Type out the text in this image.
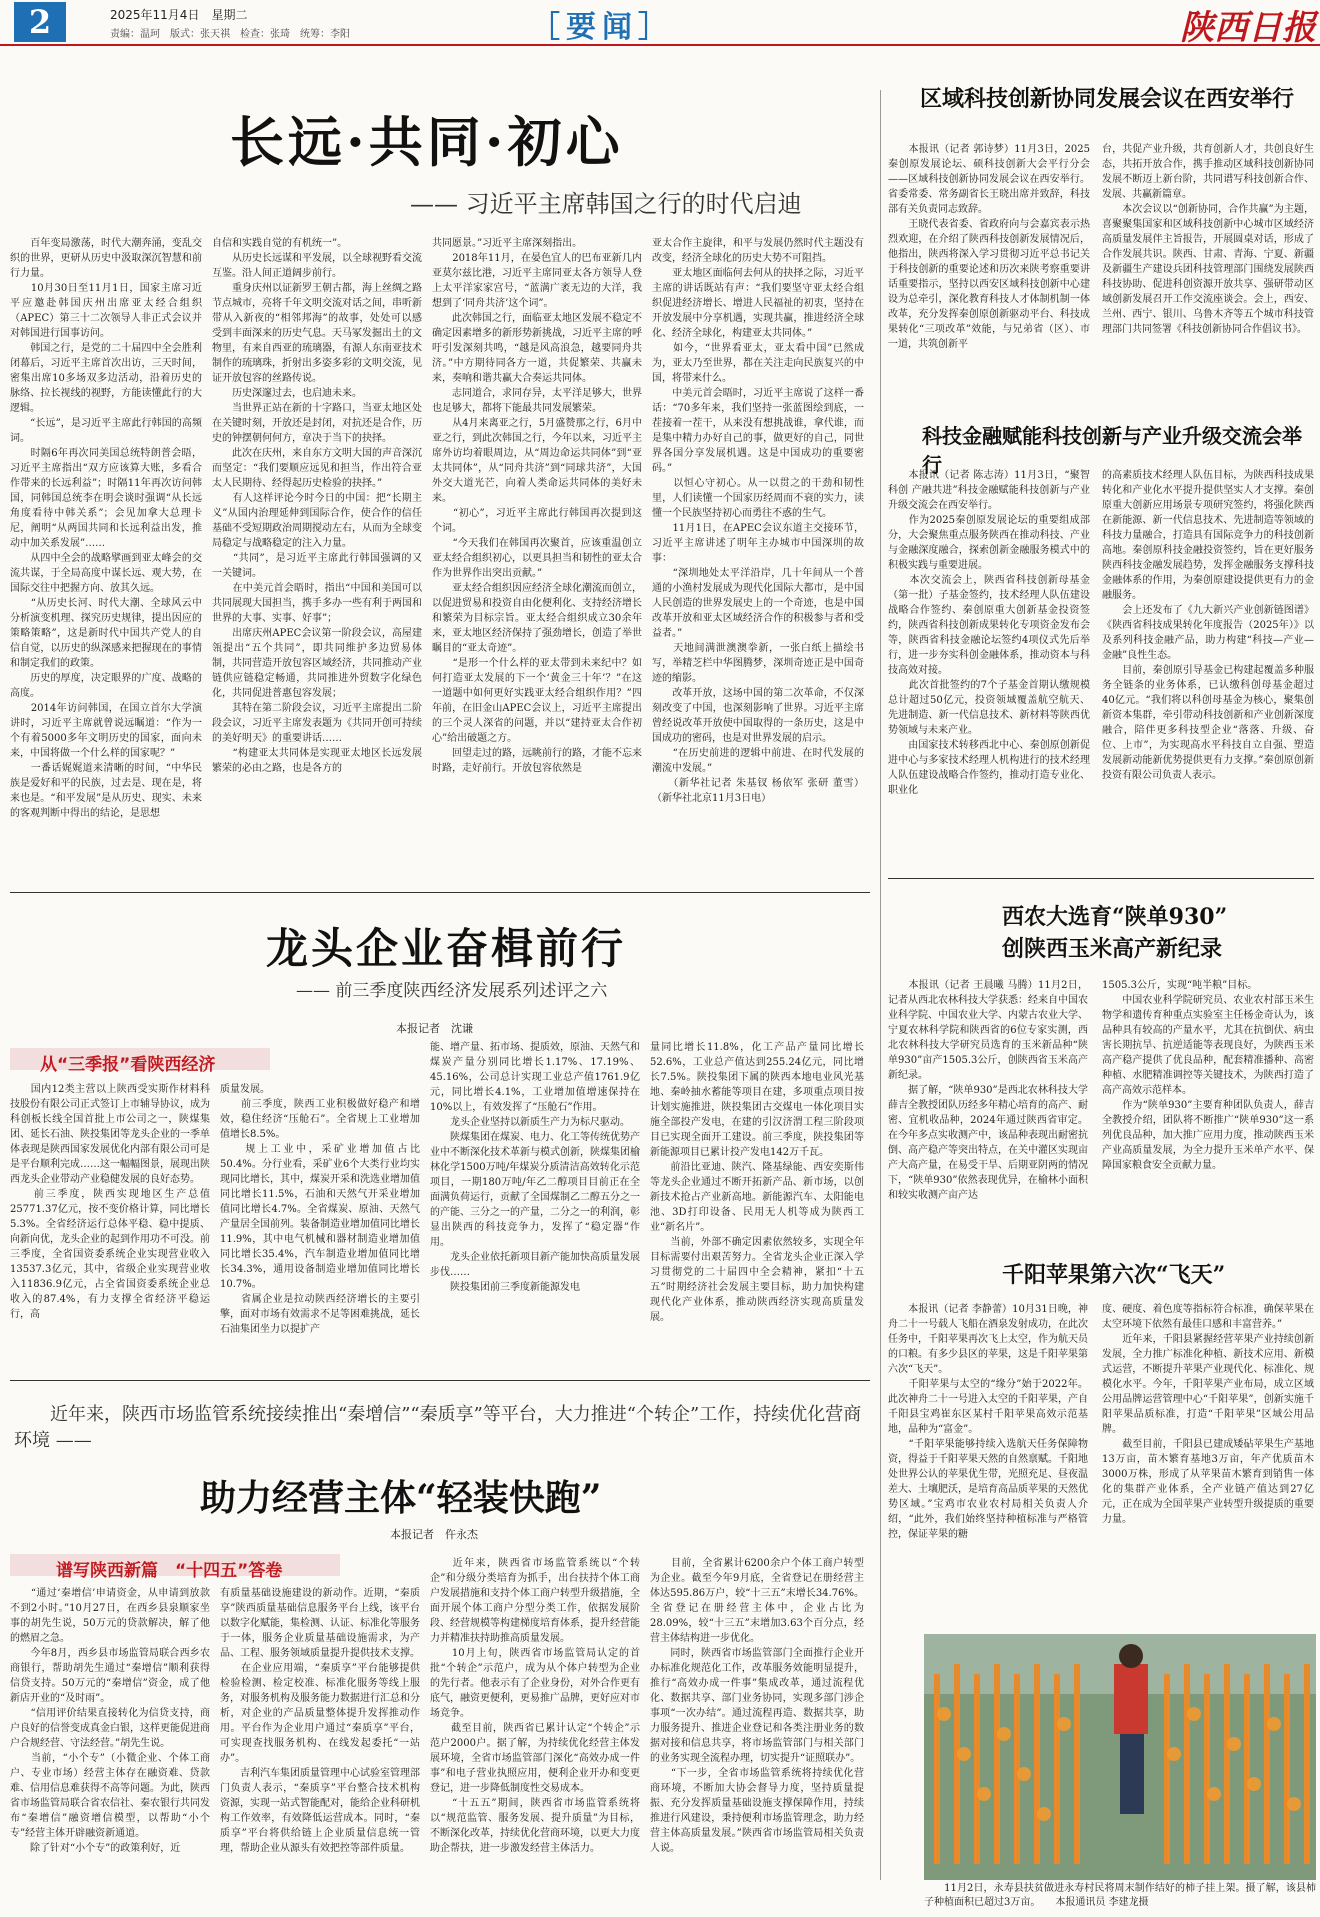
2	2025年11月4日　星期二
责编：温珂　版式：张天祺　检查：张琦　统筹：李阳	［要闻］	陕西日报
长远·共同·初心
—— 习近平主席韩国之行的时代启迪
　　百年变局激荡，时代大潮奔涌，变乱交织的世界，更研从历史中汲取深沉智慧和前行力量。
　　10月30日至11月1日，国家主席习近平应邀赴韩国庆州出席亚太经合组织（APEC）第三十二次领导人非正式会议并对韩国进行国事访问。
　　韩国之行，是党的二十届四中全会胜利闭幕后，习近平主席首次出访，三天时间，密集出席10多场双多边活动，沿着历史的脉络、拉长视线的视野，方能读懂此行的大逻辑。
　　“长远”，是习近平主席此行韩国的高频词。
　　时隔6年再次同美国总统特朗普会晤，习近平主席指出“双方应该算大账，多看合作带来的长远利益”；时隔11年再次访问韩国，同韩国总统李在明会谈时强调“从长远角度看待中韩关系”；会见加拿大总理卡尼，阐明“从两国共同和长远利益出发，推动中加关系发展”……
　　从四中全会的战略擘画到亚太峰会的交流共谋，于全局高度中谋长远、观大势，在国际交往中把握方向、放其久远。
　　“从历史长河、时代大潮、全球风云中分析演变机理、探究历史规律，提出因应的策略策略”，这是新时代中国共产党人的自信自觉，以历史的纵深感来把握现在的事情和制定我们的政策。
　　历史的厚度，决定眼界的广度、战略的高度。
　　2014年访问韩国，在国立首尔大学演讲时，习近平主席就曾说远瞩道：“作为一个有着5000多年文明历史的国家，面向未来，中国将做一个什么样的国家呢？”
　　一番话娓娓道来清晰的时间，“中华民族是爱好和平的民族，过去是、现在是，将来也是。“和平发展”是从历史、现实、未来的客观判断中得出的结论，是思想
自信和实践自觉的有机统一”。
　　从历史长远谋和平发展，以全球视野看交流互鉴。沿人间正道阔步前行。
　　重身庆州以证新罗王朝古都，海上丝绸之路节点城市，亮将千年文明交流对话之间，串听新带从入新夜的“相邻邦海”的故事，处处可以感受到丰面深来的历史气息。天马冢发掘出土的文物里，有来自西亚的琉璃器，有源人东南亚技术制作的琉璃珠，折射出多姿多彩的文明交流，见证开放包容的丝路传说。
　　历史深邃过去，也启迪未来。
　　当世界正站在新的十字路口，当亚太地区处在关键时刻，开放还是封闭，对抗还是合作，历史的钟摆朝何何方，章决于当下的抉择。
　　此次在庆州，来自东方文明大国的声音深沉而坚定：“我们要顺应远见和担当，作出符合亚太人民期待、经得起历史检验的抉择。”
　　有人这样评论今时今日的中国：把“长期主义”从国内治理延伸到国际合作，使合作的信任基础不受短期政治周期搅动左右，从而为全球变局稳定与战略稳定的注入力量。
　　“共同”，是习近平主席此行韩国强调的又一关键词。
　　在中美元首会晤时，指出“中国和美国可以共同展现大国担当，携手多办一些有利于两国和世界的大事、实事、好事”；
　　出席庆州APEC会议第一阶段会议，高屋建瓴提出“五个共同”，即共同维护多边贸易体制，共同营造开放包容区域经济，共同推动产业链供应链稳定畅通，共同推进外贸数字化绿色化，共同促进普惠包容发展；
　　其特在第二阶段会议，习近平主席提出二阶段会议，习近平主席发表题为《共同开创可持续的美好明天》的重要讲话……
　　“构建亚太共同体是实现亚太地区长远发展繁荣的必由之路，也是各方的
共同愿景。”习近平主席深刻指出。
　　2018年11月，在晏色宜人的巴布亚新几内亚莫尔兹比港，习近平主席同亚太各方领导人登上太平洋家家宫号，“蓝满广袤无边的大洋，我想到了‘同舟共济’这个词”。
　　此次韩国之行，面临亚太地区发展不稳定不确定因素增多的新形势新挑战，习近平主席的呼吁引发深刻共鸣，“越是风高浪急，越要同舟共济。”中方期待同各方一道，共促繁荣、共赢未来，奏响和谐共赢大合奏运共同体。
　　志同道合，求同存异，太平洋足够大，世界也足够大，都将下能最共同发展繁荣。
　　从4月来离亚之行，5月盛赞那之行，6月中亚之行，到此次韩国之行，今年以来，习近平主席外访均着眼周边，从“周边命运共同体”到“亚太共同体”，从“同舟共济”到“同球共济”，大国外交大道光芒，向着人类命运共同体的美好未来。
　　“初心”，习近平主席此行韩国再次提到这个词。
　　“今天我们在韩国再次聚首，应该重温创立亚太经合组织初心，以更具担当和韧性的亚太合作为世界作出突出贡献。”
　　亚太经合组织因应经济全球化潮流而创立，以促进贸易和投资自由化便利化、支持经济增长和繁荣为目标宗旨。亚太经合组织成立30余年来，亚太地区经济保持了强劲增长，创造了举世瞩目的“亚太奇迹”。
　　“是形一个什么样的亚太带到未来纪中？如何打造亚太发展的下一个‘黄金三十年’？”在这一道题中如何更好实践亚太经合组织作用？”四年前，在旧金山APEC会议上，习近平主席提出的三个灵人深省的问题，并以“建持亚太合作初心”给出破题之方。
　　回望走过的路，远眺前行的路，才能不忘来时路，走好前行。开放包容依然是
亚太合作主旋律，和平与发展仍然时代主题没有改变，经济全球化的历史大势不可阻挡。
　　亚太地区面临何去何从的抉择之际，习近平主席的讲话既站有声：“我们要坚守亚太经合组织促进经济增长、增进人民福祉的初衷，坚持在开放发展中分享机遇，实现共赢，推进经济全球化、经济全球化，构建亚太共同体。”
　　如今，“世界看亚太，亚太看中国”已然成为，亚太乃至世界，都在关注走向民族复兴的中国，将带来什么。
　　中美元首会晤时，习近平主席说了这样一番话：“70多年来，我们坚持一张蓝图绘到底，一茬接着一茬干，从来没有想挑战谁，拿代谁，而是集中精力办好自己的事，做更好的自己，同世界各国分享发展机遇。这是中国成功的重要密码。”
　　以恒心守初心。从一以贯之的干劲和韧性里，人们读懂一个国家历经周而不衰的实力，读懂一个民族坚持初心而勇往不惑的生气。
　　11月1日，在APEC会议东道主交接环节，习近平主席讲述了明年主办城市中国深圳的故事：
　　“深圳地处太平洋沿岸，几十年间从一个普通的小渔村发展成为现代化国际大都市，是中国人民创造的世界发展史上的一个奇迹，也是中国改革开放和亚太区域经济合作的积极参与者和受益者。”
　　天地间满泄澳澳拳新，一张白纸上描绘书写，举精芝栏中华图腾梦，深圳奇迹正是中国奇迹的缩影。
　　改革开放，这场中国的第二次革命，不仅深刻改变了中国，也深刻影响了世界。习近平主席曾经说改革开放使中国取得的一条历史，这是中国成功的密码，也是对世界发展的启示。
　　“在历史前进的逻辑中前进、在时代发展的潮流中发展。”
　　（新华社记者 朱基钗 杨依军 张研 董雪）（新华社北京11月3日电）
区域科技创新协同发展会议在西安举行
　　本报讯（记者 郭诗梦）11月3日，2025秦创原发展论坛、硕科技创新大会平行分会——区域科技创新协同发展会议在西安举行。省委常委、常务副省长王晓出席并致辞，科技部有关负责同志致辞。
　　王晓代表省委、省政府向与会嘉宾表示热烈欢迎，在介绍了陕西科技创新发展情况后，他指出，陕西将深入学习贯彻习近平总书记关于科技创新的重要论述和历次来陕考察重要讲话重要指示，坚持以西安区域科技创新中心建设为总牵引，深化教育科技人才体制机制一体改革，充分发挥秦创原创新驱动平台、科技成果转化“三项改革”效能，与兄弟省（区）、市一道，共筑创新平
台，共促产业升级，共育创新人才，共创良好生态，共拓开放合作，携手推动区域科技创新协同发展不断迈上新台阶，共同谱写科技创新合作、发展、共赢新篇章。
　　本次会议以“创新协同，合作共赢”为主题，喜聚聚集国家和区域科技创新中心城市区域经济高质量发展伴主旨报告，开展圆桌对话，形成了合作发展共识。陕西、甘肃、青海、宁夏、新疆及新疆生产建设兵团科技管理部门围绕发展陕西科技协助、促进科创资源开放共享、强研带动区域创新发展召开工作交流座谈会。会上，西安、兰州、西宁、银川、乌鲁木齐等五个城市科技管理部门共同签署《科技创新协同合作倡议书》。
科技金融赋能科技创新与产业升级交流会举行
　　本报讯（记者 陈志涛）11月3日，“聚智科创 产融共进”科技金融赋能科技创新与产业升级交流会在西安举行。
　　作为2025秦创原发展论坛的重要组成部分，大会聚焦重点服务陕西在推动科技、产业与金融深度融合，探索创新金融服务模式中的积极实践与重要进展。
　　本次交流会上，陕西省科技创新母基金（第一批）子基金签约，技术经理人队伍建设战略合作签约、秦创原重大创新基金投资签约，陕西省科技创新成果转化专项资金发布会等，陕西省科技金融论坛签约4项仪式先后举行，进一步夯实科创金融体系，推动资本与科技高效对接。
　　此次首批签约的7个子基金首期认缴规模总计超过50亿元，投资领域覆盖航空航天、先进制造、新一代信息技术、新材料等陕西优势领域与未来产业。
　　由国家技术转移西北中心、秦创原创新促进中心与多家技术经理人机构进行的技术经理人队伍建设战略合作签约，推动打造专业化、职业化
的高素质技术经理人队伍目标，为陕西科技成果转化和产业化水平提升提供坚实人才支撑。秦创原重大创新应用场景专项研究签约，将强化陕西在新能源、新一代信息技术、先进制造等领域的科技力量融合，打造具有国际竞争力的科技创新高地。秦创原科技金融投资签约，旨在更好服务陕西科技金融发展趋势，发挥金融服务支撑科技金融体系的作用，为秦创原建设提供更有力的金融服务。
　　会上还发布了《九大新兴产业创新链图谱》《陕西省科技成果转化年度报告（2025年）》以及系列科技金融产品，助力构建“科技—产业—金融”良性生态。
　　目前，秦创原引导基金已构建起覆盖多种服务全链条的业务体系，已认缴科创母基金超过40亿元。“我们将以科创母基金为核心，聚集创新资本集群，牵引带动科技创新和产业创新深度融合，陪伴更多科技型企业“落落、升级、奋位、上市”，为实现高水平科技自立自强、塑造发展新动能新优势提供更有力支撑。”秦创原创新投资有限公司负责人表示。
西农大选育“陕单930”
创陕西玉米高产新纪录
　　本报讯（记者 王晨曦 马腾）11月2日，记者从西北农林科技大学获悉：经来自中国农业科学院、中国农业大学、内蒙古农业大学、宁夏农林科学院和陕西省的6位专家实测，西北农林科技大学研究员选育的玉米新品种“陕单930”亩产1505.3公斤，创陕西省玉米高产新纪录。
　　据了解，“陕单930”是西北农林科技大学薛吉全教授团队历经多年精心培育的高产、耐密、宜机收品种，2024年通过陕西省审定。在今年多点实收测产中，该品种表现出耐密抗倒、高产稳产等突出特点，在关中灌区实现亩产大高产量，在易受干旱、后期亚阴两的情况下，“陕单930”依然表现优异，在榆林小面积和较实收测产亩产达
1505.3公斤，实现“吨半粮”目标。
　　中国农业科学院研究员、农业农村部玉米生物学和遗传育种重点实验室主任杨金奇认为，该品种具有较高的产量水平，尤其在抗倒伏、病虫害长期抗旱、抗逆适能等表现良好，为陕西玉米高产稳产提供了优良品种，配套精准播种、高密种植、水肥精准调控等关键技术，为陕西打造了高产高效示范样本。
　　作为“陕单930”主要育种团队负责人，薛吉全教授介绍，团队将不断推广“陕单930”这一系列优良品种，加大推广应用力度，推动陕西玉米产业高质量发展，为全力提升玉米单产水平、保障国家粮食安全贡献力量。
千阳苹果第六次“飞天”
　　本报讯（记者 李静蕾）10月31日晚，神舟二十一号载人飞船在酒泉发射成功，在此次任务中，千阳苹果再次飞上太空，作为航天员的口粮。有多少县区的苹果，这是千阳苹果第六次“飞天”。
　　千阳苹果与太空的“缘分”始于2022年。此次神舟二十一号进入太空的千阳苹果，产自千阳县宝鸡崔东区某村千阳苹果高效示范基地，品种为“富金”。
　　“千阳苹果能够持续入选航天任务保障物资，得益于千阳苹果天然的自然禀赋。千阳地处世界公认的苹果优生带，光照充足、昼夜温差大、土壤肥沃，是培育高品质苹果的天然优势区域。”宝鸡市农业农村局相关负责人介绍，“此外，我们始终坚持种植标准与严格管控，保证苹果的糖
度、硬度、着色度等指标符合标准，确保苹果在太空环境下依然有最佳口感和丰富营养。”
　　近年来，千阳县紧握经营苹果产业持续创新发展，全力推广标准化种植、新技术应用、新模式运营，不断提升苹果产业现代化、标准化、规模化水平。今年，千阳苹果产业布局，成立区域公用品牌运营管理中心“千阳苹果”，创新实施千阳苹果品质标准，打造“千阳苹果”区域公用品牌。
　　截至目前，千阳县已建成矮砧苹果生产基地13万亩，苗木繁育基地3万亩，年产优质苗木3000万株，形成了从苹果苗木繁育到销售一体化的集群产业体系，全产业链产值达到27亿元，正在成为全国苹果产业转型升级提质的重要力量。
　　11月2日，永寿县扶贫做进永寿村民将周末制作结好的柿子挂上架。摄了解，该县柿子种植面积已超过3万亩。　　本报通讯员 李建龙摄
龙头企业奋楫前行
—— 前三季度陕西经济发展系列述评之六
本报记者　沈谦
从“三季报”看陕西经济
　　国内12类主营以上陕西受实斯作材料科技股份有限公司正式签订上市辅导协议，成为科创板长线全国首批上市公司之一，陕煤集团、延长石油、陕投集团等龙头企业的一季单体表现是陕西国家发展优化内部有限公司可是是平台顺利完成……这一幅幅图景，展现出陕西龙头企业带动产业稳健发展的良好态势。
　　前三季度，陕西实现地区生产总值25771.37亿元，按不变价格计算，同比增长5.3%。全省经济运行总体平稳、稳中提质、向新向优，龙头企业的起到作用功不可没。前三季度，全省国资委系统企业实现营业收入13537.3亿元，其中，省级企业实现营业收入11836.9亿元，占全省国资委系统企业总收入的87.4%，有力支撑全省经济平稳运行，高
质量发展。
　　前三季度，陕西工业积极做好稳产和增效，稳住经济“压舱石”。全省规上工业增加值增长8.5%。
　　规上工业中，采矿业增加值占比50.4%。分行业看，采矿业6个大类行业均实现同比增长，其中，煤炭开采和洗选业增加值同比增长11.5%，石油和天然气开采业增加值同比增长4.7%。全省煤炭、原油、天然气产量居全国前列。装备制造业增加值同比增长11.9%，其中电气机械和器材制造业增加值同比增长35.4%，汽车制造业增加值同比增长34.3%，通用设备制造业增加值同比增长10.7%。
　　省属企业是拉动陕西经济增长的主要引擎，面对市场有效需求不足等困难挑战，延长石油集团坐力以提扩产
能、增产量、拓市场、提质效，原油、天然气和煤炭产量分别同比增长1.17%、17.19%、45.16%，公司总计实现工业总产值1761.9亿元，同比增长4.1%，工业增加值增速保持在10%以上，有效发挥了“压舱石”作用。
　　龙头企业坚持以新质生产力为标尺驱动。
　　陕煤集团在煤炭、电力、化工等传统优势产业中不断深化技术革新与模式创新，陕煤集团榆林化学1500万吨/年煤炭分质清洁高效转化示范项目，一期180万吨/年乙二醇项目目前正在全面满负荷运行，贡献了全国煤制乙二醇五分之一的产能、三分之一的产量，二分之一的利润，彰显出陕西的科技竞争力，发挥了“稳定器”作用。
　　龙头企业依托新项目新产能加快高质量发展步伐……
　　陕投集团前三季度新能源发电
量同比增长11.8%，化工产品产量同比增长52.6%，工业总产值达到255.24亿元，同比增长7.5%。陕投集团下属的陕西本地电业风光基地、秦岭抽水蓄能等项目在建，多项重点项目按计划实施推进，陕投集团古交煤电一体化项目实施全部投产发电，在建的引汉济渭工程三阶段项目已实现全面开工建设。前三季度，陕投集团等新能源项目已累计投产发电142万千瓦。
　　前沿比亚迪、陕汽、隆基绿能、西安奕斯伟等龙头企业通过不断开拓新产品、新市场，以创新技术抢占产业新高地。新能源汽车、太阳能电池、3D打印设备、民用无人机等成为陕西工业“新名片”。
　　当前，外部不确定因素依然较多，实现全年目标需要付出艰苦努力。全省龙头企业正深入学习贯彻党的二十届四中全会精神，紧扣“十五五”时期经济社会发展主要目标，助力加快构建现代化产业体系，推动陕西经济实现高质量发展。
　　近年来，陕西市场监管系统接续推出“秦增信”“秦质享”等平台，大力推进“个转企”工作，持续优化营商环境 ——
助力经营主体“轻装快跑”
本报记者　仵永杰
谱写陕西新篇　“十四五”答卷
　　“通过‘秦增信’申请资金，从申请到放款不到2小时。”10月27日，在西乡县泉顺家坐事的胡先生说，50万元的贷款解决，解了他的燃眉之急。
　　今年8月，西乡县市场监管局联合西乡农商银行，帮助胡先生通过“秦增信”顺利获得信贷支持。50万元的“秦增信”资金，成了他新店开业的“及时雨”。
　　“信用评价结果直接转化为信贷支持，商户良好的信誉变成真金白银，这样更能促进商户合规经营、守法经营。”胡先生说。
　　当前，“小个专”（小微企业、个体工商户、专业市场）经营主体存在融资难、贷款难、信用信息难获得不高等问题。为此，陕西省市场监管局联合省农信社、秦农银行共同发布“秦增信”融资增信模型，以帮助“小个专”经营主体开辟融资新通道。
　　除了针对“小个专”的政策利好，近
有质量基础设施建设的新动作。近期，“秦质享”陕西质量基础信息服务平台上线，该平台以数字化赋能，集检测、认证、标准化等服务于一体，服务企业质量基础设施需求，为产品、工程、服务领域质量提升提供技术支撑。
　　在企业应用端，“秦质享”平台能够提供检验检测、检定校准、标准化服务等线上服务，对服务机构及服务能力数据进行汇总和分析，对企业的产品质量整体提升发挥推动作用。平台作为企业用户通过“秦质享”平台，可实现查找服务机构、在线发起委托“一站办”。
　　吉利汽车集团质量管理中心试验室管理部门负责人表示，“秦质享”平台整合技术机构资源，实现一站式智能配对，能给企业科研机构工作效率，有效降低运营成本。同时，“秦质享”平台将供给链上企业质量信息统一管理，帮助企业从源头有效把控等部件质量。
　　近年来，陕西省市场监管系统以“个转企”和分级分类培育为抓手，出台扶持个体工商户发展措施和支持个体工商户转型升级措施，全面开展个体工商户分型分类工作，依据发展阶段、经营规模等构建梯度培育体系，提升经营能力并精准扶持助推高质量发展。
　　10月上旬，陕西省市场监管局认定的首批“个转企”示范户，成为从个体户转型为企业的先行者。他表示有了企业身份，对外合作更有底气，融资更便利，更易推广品牌，更好应对市场竞争。
　　截至目前，陕西省已累计认定“个转企”示范户2000户。据了解，为持续优化经营主体发展环境，全省市场监管部门深化“高效办成一件事”和电子营业执照应用，便利企业开办和变更登记，进一步降低制度性交易成本。
　　“十五五”期间，陕西省市场监管系统将以“规范监管、服务发展、提升质量”为目标，不断深化改革，持续优化营商环境，以更大力度助企帮扶，进一步激发经营主体活力。
　　目前，全省累计6200余户个体工商户转型为企业。截至今年9月底，全省登记在册经营主体达595.86万户，较“十三五”末增长34.76%。全省登记在册经营主体中，企业占比为28.09%，较“十三五”末增加3.63个百分点，经营主体结构进一步优化。
　　同时，陕西省市场监管部门全面推行企业开办标准化规范化工作，改革服务效能明显提升，推行“高效办成一件事”集成改革，通过流程优化、数据共享、部门业务协同，实现多部门涉企事项“一次办结”。通过流程再造、数据共享，助力服务提升、推进企业登记和各类注册业务的数据对接和信息共享，将市场监管部门与相关部门的业务实现全流程办理，切实提升“证照联办”。
　　“下一步，全省市场监管系统将持续优化营商环境，不断加大协会督导力度，坚持质量提振、充分发挥质量基础设施支撑保障作用，持续推进行风建设，秉持便利市场监管理念，助力经营主体高质量发展。”陕西省市场监管局相关负责人说。
